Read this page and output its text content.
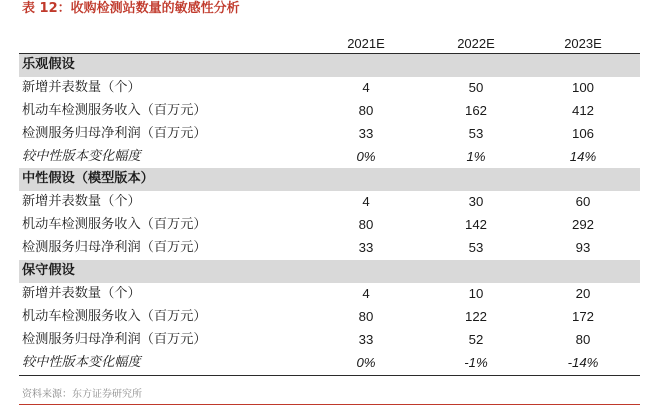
表 12：收购检测站数量的敏感性分析
2021E	2022E	2023E
乐观假设
新增并表数量（个）	4	50	100
机动车检测服务收入（百万元）	80	162	412
检测服务归母净利润（百万元）	33	53	106
较中性版本变化幅度	0%	1%	14%
中性假设（模型版本）
新增并表数量（个）	4	30	60
机动车检测服务收入（百万元）	80	142	292
检测服务归母净利润（百万元）	33	53	93
保守假设
新增并表数量（个）	4	10	20
机动车检测服务收入（百万元）	80	122	172
检测服务归母净利润（百万元）	33	52	80
较中性版本变化幅度	0%	-1%	-14%
资料来源：东方证券研究所
